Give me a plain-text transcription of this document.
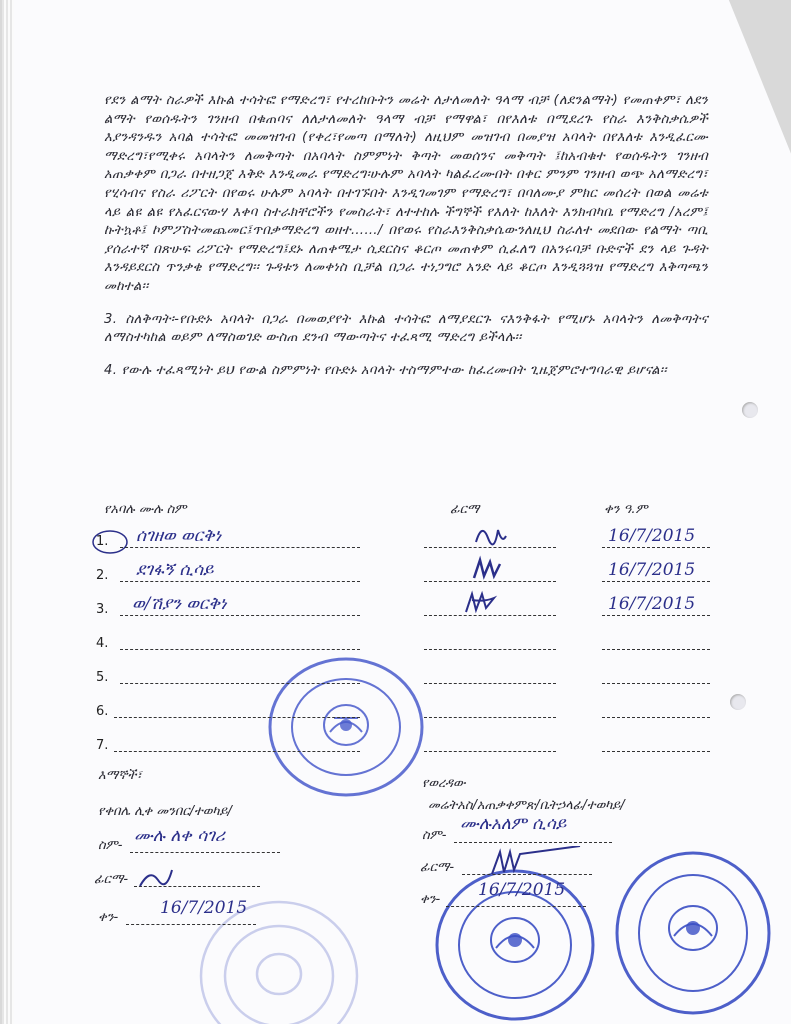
የደን ልማት ስራዎች እኩል ተሳትፎ የማድረግ፣ የተረከቡትን መሬት ለታለመለት ዓላማ ብቻ (ለደንልማት) የመጠቀም፣ ለደን ልማት የወሰዱትን ገንዘብ በቁጠባና ለለታለመለት ዓላማ ብቻ የማዋል፣ በየእለቱ በሚደረጉ የስራ እንቅስቃሴዎች እያንዳንዱን አባል ተሳትፎ መመዝገብ (የቀረ፣የመጣ በማለት) ለዚህም መዝገብ በመያዝ አባላት በየእለቱ እንዲፈርሙ ማድረግ፣የሚቀሩ አባላትን ለመቅጣት በአባላት ስምምነት ቅጣት መወሰንና መቅጣት ፤ከአብቁተ የወሰዱትን ገንዘብ አጠቃቀም በጋራ በተዘጋጀ እቅድ እንዲመራ የማድረግ፡ሁሉም አባላት ካልፈረሙበት በቀር ምንም ገንዘብ ወጭ አለማድረግ፣ የሂሳብና የስራ ሪፖርት በየወሩ ሁሉም አባላት በተገኙበት እንዲገመገም የማድረግ፣ በባለሙያ ምክር መሰረት በወል መሬቱ ላይ ልዩ ልዩ የአፈርናውሃ እቀባ ስተራክቸሮችን የመስራት፣ ለተተከሉ ችግኞች የእለት ከእለት እንክብካቤ የማድረግ /አረም፤ ኩትኳቶ፤ ኮምፖስትመጨመር፤ጥበቃማድረግ ወዘተ……/ በየወሩ የስራእንቅስቃሴውንለዚህ ስራለተ መደበው የልማት ጣቢ ያሰራተኛ በጽሁፍ ሪፖርት የማድረግ፤ደኑ ለጠቀሜታ ሲደርስና ቆርጦ መጠቀም ሲፈለግ በአንሩባቻ ቡድኖች ደን ላይ ጉዳት እንዳይደርስ ጥንቃቄ የማድረግ፡፡ ጉዳቱን ለመቀነስ ቢቻል በጋራ ተነጋግሮ አንድ ላይ ቆርጦ እንዲጓጓዝ የማድረግ እቅጣጫን መከተል፡፡

3. ስለቅጣት፡-የቡድኑ አባላት በጋራ በመወያየት እኩል ተሳትፎ ለማያደርጉ ናእንቅፋት የሚሆኑ አባላትን ለመቅጣትና ለማስተካከል ወይም ለማስወገድ ውስጠ ደንብ ማውጣትና ተፈጻሚ ማድረግ ይችላሉ፡፡

4. የውሉ ተፈጻሚነት ይህ የውል ስምምነት የቡድኑ አባላት ተስማምተው ከፈረሙበት ጊዜጀምሮተግባራዊ ይሆናል፡፡

የአባሉ ሙሉ ስም	ፊርማ	ቀን ዓ.ም
1. ሰገዘወ ወርቅነ	16/7/2015
2. ደገፋኝ ሲሳይ	16/7/2015
3. ወ/ሽያን ወርቅነ	16/7/2015
4.
5.
6.
7.
እማኞች፣
የቀበሌ ሊቀ መንበር/ተወካይ/
ስም- ሙሉ ለቀ ሳገሪ
ፊርማ-
ቀን- 16/7/2015
የወረዳው
መሬትአስ/አጠቃቀምጽ/ቤትኃላፊ/ተወካይ/
ስም-
ሙሉአለም ሲሳይ
ፊርማ-
ቀን- 16/7/2015
